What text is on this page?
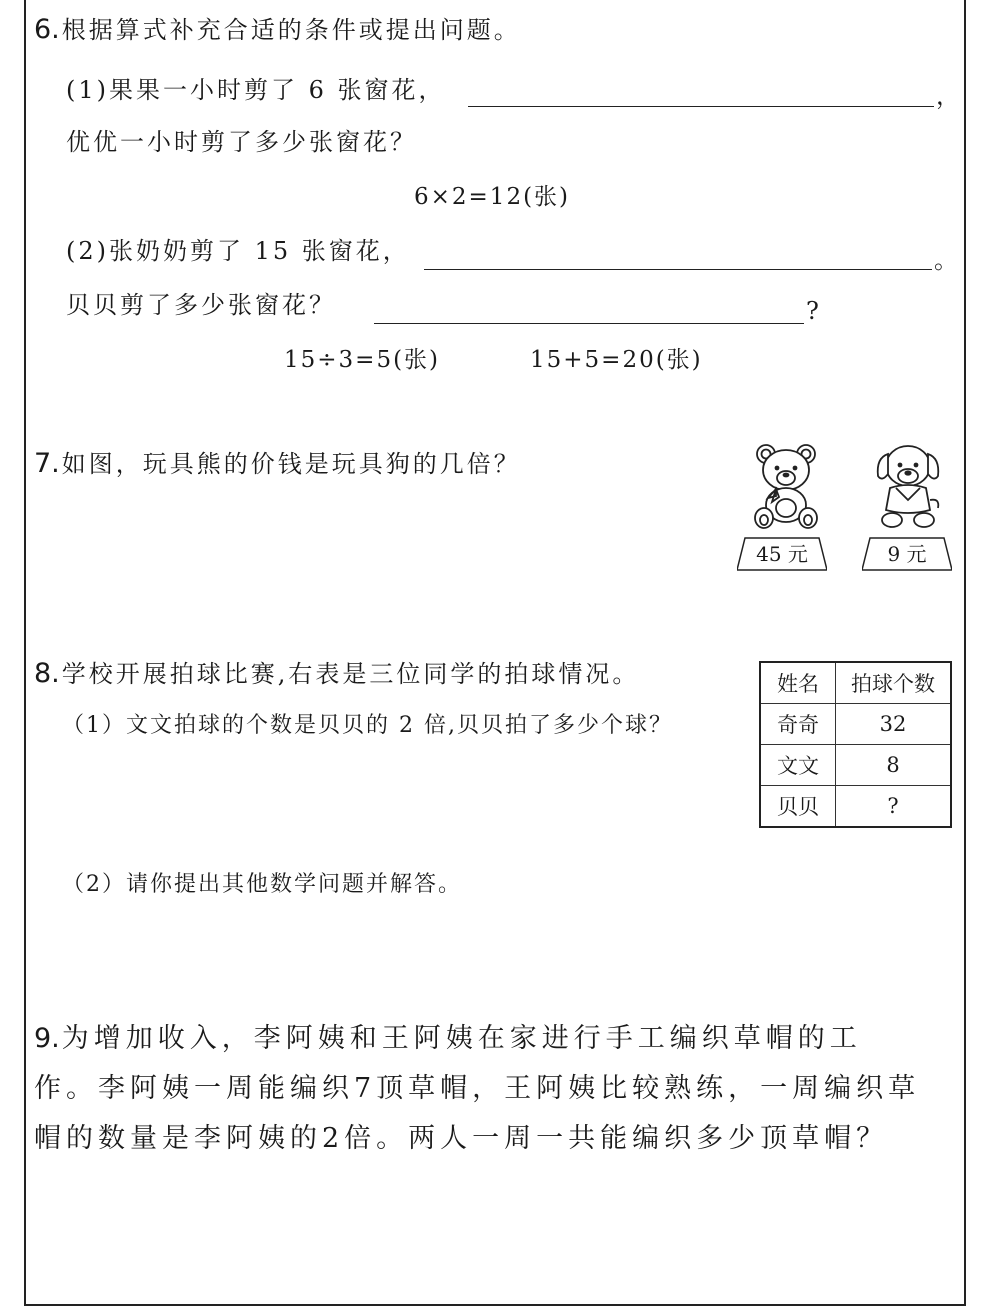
6.根据算式补充合适的条件或提出问题。
(1)果果一小时剪了 6 张窗花，	，
优优一小时剪了多少张窗花？
6×2=12(张)
(2)张奶奶剪了 15 张窗花，	。
贝贝剪了多少张窗花？	?
15÷3=5(张)	15+5=20(张)
7.如图，玩具熊的价钱是玩具狗的几倍？
45 元	9 元
8.学校开展拍球比赛,右表是三位同学的拍球情况。
（1）文文拍球的个数是贝贝的 2 倍,贝贝拍了多少个球？
（2）请你提出其他数学问题并解答。
姓名	拍球个数
奇奇	32
文文	8
贝贝	?
9.为增加收入，李阿姨和王阿姨在家进行手工编织草帽的工
作。李阿姨一周能编织7顶草帽，王阿姨比较熟练，一周编织草
帽的数量是李阿姨的2倍。两人一周一共能编织多少顶草帽？
